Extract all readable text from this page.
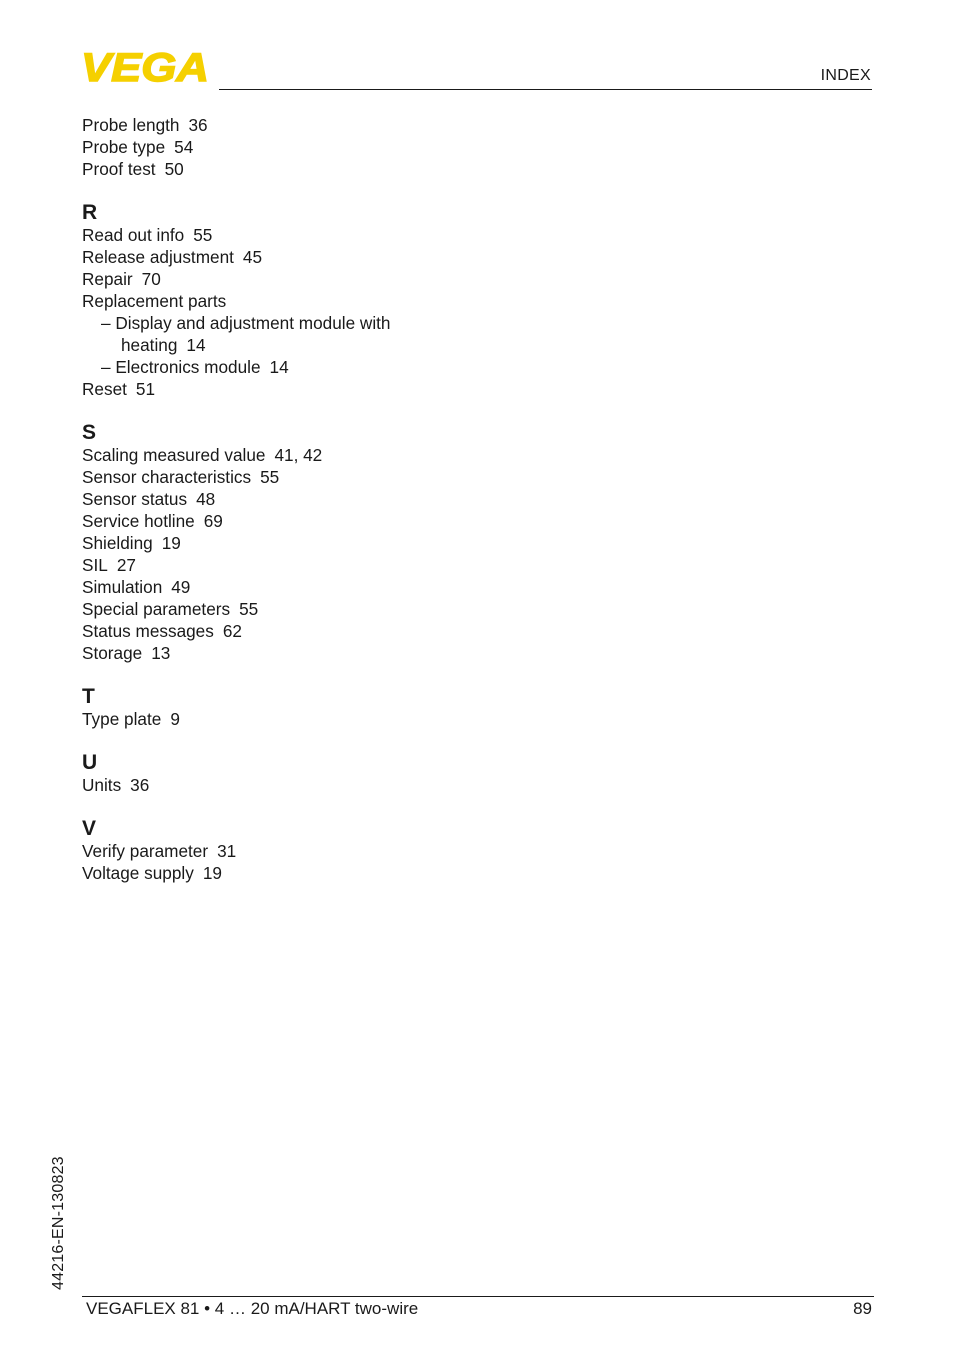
VEGA	INDEX
Probe length 36
Probe type 54
Proof test 50
R
Read out info 55
Release adjustment 45
Repair 70
Replacement parts
– Display and adjustment module with
heating 14
– Electronics module 14
Reset 51
S
Scaling measured value 41, 42
Sensor characteristics 55
Sensor status 48
Service hotline 69
Shielding 19
SIL 27
Simulation 49
Special parameters 55
Status messages 62
Storage 13
T
Type plate 9
U
Units 36
V
Verify parameter 31
Voltage supply 19
44216-EN-130823
VEGAFLEX 81 • 4 … 20 mA/HART two-wire	89
